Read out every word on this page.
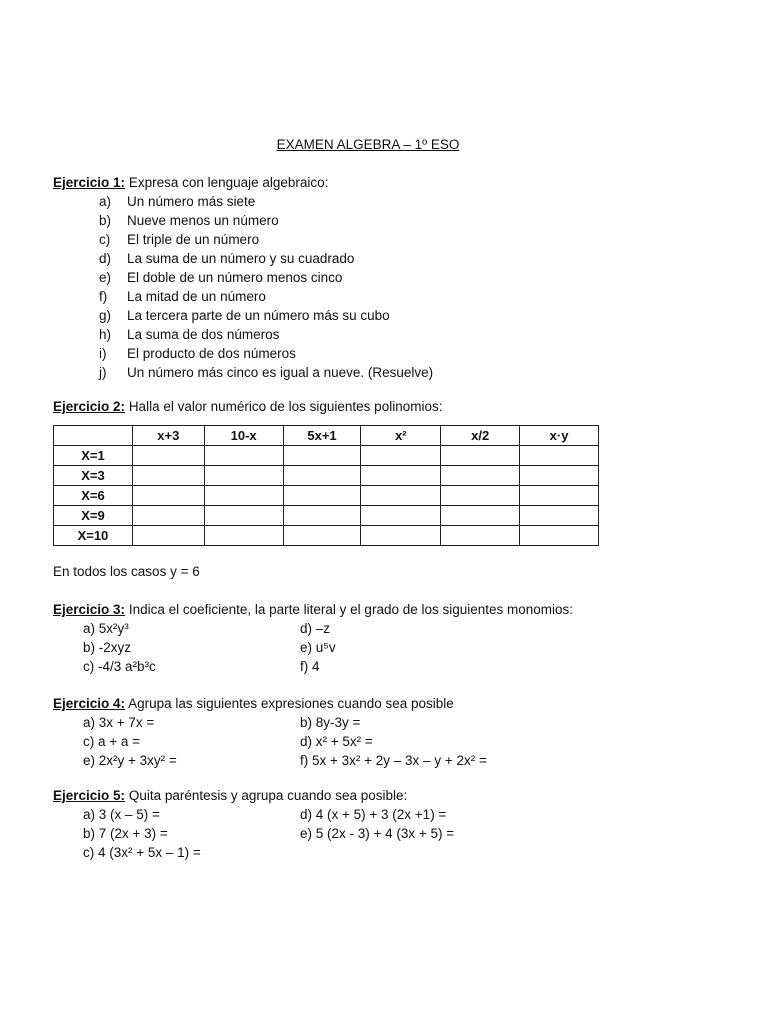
EXAMEN ALGEBRA – 1º ESO
Ejercicio 1: Expresa con lenguaje algebraico:
a) Un número más siete
b) Nueve menos un número
c) El triple de un número
d) La suma de un número y su cuadrado
e) El doble de un número menos cinco
f) La mitad de un número
g) La tercera parte de un número más su cubo
h) La suma de dos números
i) El producto de dos números
j) Un número más cinco es igual a nueve. (Resuelve)
Ejercicio 2: Halla el valor numérico de los siguientes polinomios:
	x+3	10-x	5x+1	x²	x/2	x·y
X=1						
X=3						
X=6						
X=9						
X=10						
En todos los casos y = 6
Ejercicio 3: Indica el coeficiente, la parte literal y el grado de los siguientes monomios:
a) 5x²y³	d) –z
b) -2xyz	e) u⁵v
c) -4/3 a²b³c	f) 4
Ejercicio 4: Agrupa las siguientes expresiones cuando sea posible
a) 3x + 7x =	b) 8y-3y =
c) a + a =	d) x² + 5x² =
e) 2x²y + 3xy² =	f) 5x + 3x² + 2y – 3x – y + 2x² =
Ejercicio 5: Quita paréntesis y agrupa cuando sea posible:
a) 3 (x – 5) =	d) 4 (x + 5) + 3 (2x +1) =
b) 7 (2x + 3) =	e) 5 (2x - 3) + 4 (3x + 5) =
c) 4 (3x² + 5x – 1) =
